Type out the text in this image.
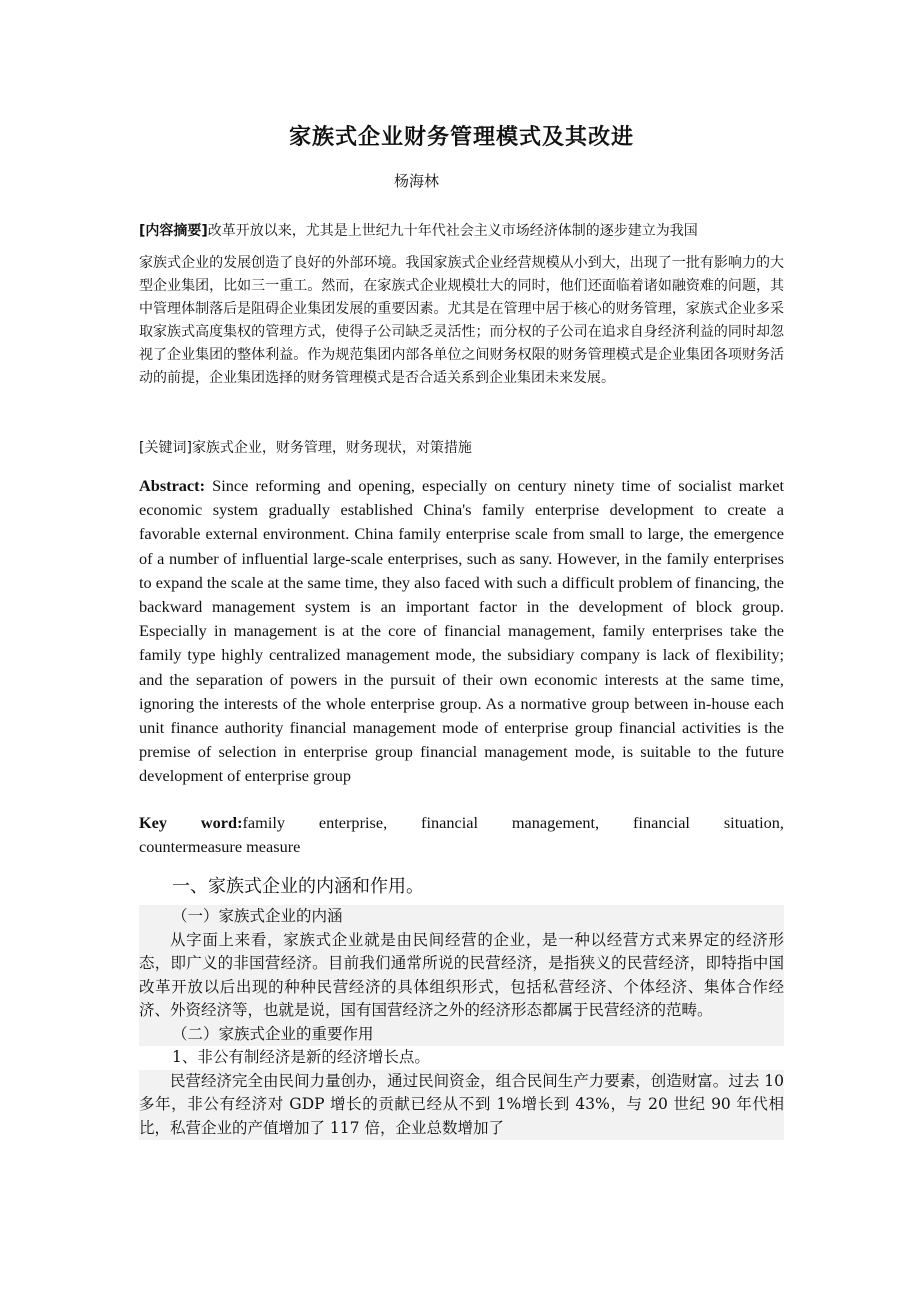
家族式企业财务管理模式及其改进
杨海林
[内容摘要]改革开放以来，尤其是上世纪九十年代社会主义市场经济体制的逐步建立为我国
家族式企业的发展创造了良好的外部环境。我国家族式企业经营规模从小到大，出现了一批有影响力的大型企业集团，比如三一重工。然而，在家族式企业规模壮大的同时，他们还面临着诸如融资难的问题，其中管理体制落后是阻碍企业集团发展的重要因素。尤其是在管理中居于核心的财务管理，家族式企业多采取家族式高度集权的管理方式，使得子公司缺乏灵活性；而分权的子公司在追求自身经济利益的同时却忽视了企业集团的整体利益。作为规范集团内部各单位之间财务权限的财务管理模式是企业集团各项财务活动的前提，企业集团选择的财务管理模式是否合适关系到企业集团未来发展。
[关键词]家族式企业，财务管理，财务现状，对策措施
Abstract: Since reforming and opening, especially on century ninety time of socialist market economic system gradually established China's family enterprise development to create a favorable external environment. China family enterprise scale from small to large, the emergence of a number of influential large-scale enterprises, such as sany. However, in the family enterprises to expand the scale at the same time, they also faced with such a difficult problem of financing, the backward management system is an important factor in the development of block group. Especially in management is at the core of financial management, family enterprises take the family type highly centralized management mode, the subsidiary company is lack of flexibility; and the separation of powers in the pursuit of their own economic interests at the same time, ignoring the interests of the whole enterprise group. As a normative group between in-house each unit finance authority financial management mode of enterprise group financial activities is the premise of selection in enterprise group financial management mode, is suitable to the future development of enterprise group
Key word:family enterprise, financial management, financial situation,
countermeasure measure
一、家族式企业的内涵和作用。

（一）家族式企业的内涵

从字面上来看，家族式企业就是由民间经营的企业，是一种以经营方式来界定的经济形态，即广义的非国营经济。目前我们通常所说的民营经济，是指狭义的民营经济，即特指中国改革开放以后出现的种种民营经济的具体组织形式，包括私营经济、个体经济、集体合作经济、外资经济等，也就是说，国有国营经济之外的经济形态都属于民营经济的范畴。

（二）家族式企业的重要作用

1、非公有制经济是新的经济增长点。

民营经济完全由民间力量创办，通过民间资金，组合民间生产力要素，创造财富。过去 10 多年，非公有经济对 GDP 增长的贡献已经从不到 1%增长到 43%，与 20 世纪 90 年代相比，私营企业的产值增加了 117 倍，企业总数增加了
